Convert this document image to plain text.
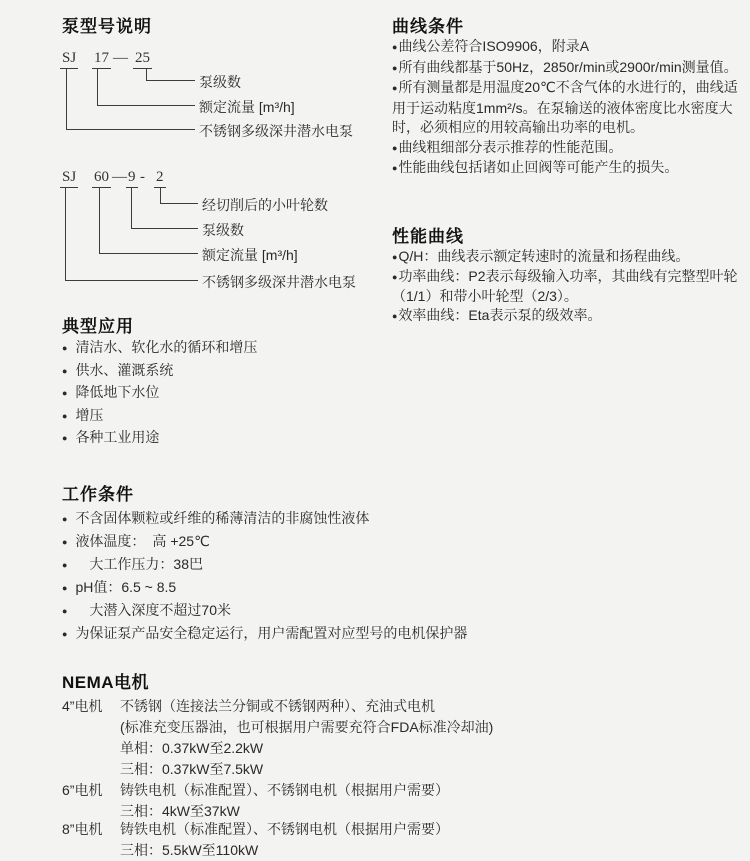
泵型号说明
SJ 17 — 25
泵级数
额定流量 [m³/h]
不锈钢多级深井潜水电泵
SJ 60 — 9 - 2
经切削后的小叶轮数
泵级数
额定流量 [m³/h]
不锈钢多级深井潜水电泵
曲线条件

● 曲线公差符合ISO9906，附录A

● 所有曲线都基于50Hz，2850r/min或2900r/min测量值。

● 所有测量都是用温度20℃不含气体的水进行的，曲线适用于运动粘度1mm²/s。在泵输送的液体密度比水密度大时，必须相应的用较高输出功率的电机。

● 曲线粗细部分表示推荐的性能范围。

● 性能曲线包括诸如止回阀等可能产生的损失。

性能曲线

● Q/H：曲线表示额定转速时的流量和扬程曲线。

● 功率曲线：P2表示每级输入功率，其曲线有完整型叶轮（1/1）和带小叶轮型（2/3）。

● 效率曲线：Eta表示泵的级效率。

典型应用
● 清洁水、软化水的循环和增压
● 供水、灌溉系统
● 降低地下水位
● 增压
● 各种工业用途
工作条件
● 不含固体颗粒或纤维的稀薄清洁的非腐蚀性液体
● 液体温度：　高 +25℃
● 　大工作压力：38巴
● pH值：6.5 ~ 8.5
● 　大潜入深度不超过70米
● 为保证泵产品安全稳定运行，用户需配置对应型号的电机保护器
NEMA电机
4”电机 不锈钢（连接法兰分铜或不锈钢两种）、充油式电机
(标准充变压器油，也可根据用户需要充符合FDA标准冷却油)
单相：0.37kW至2.2kW
三相：0.37kW至7.5kW
6”电机 铸铁电机（标准配置）、不锈钢电机（根据用户需要）
三相：4kW至37kW
8”电机 铸铁电机（标准配置）、不锈钢电机（根据用户需要）
三相：5.5kW至110kW
